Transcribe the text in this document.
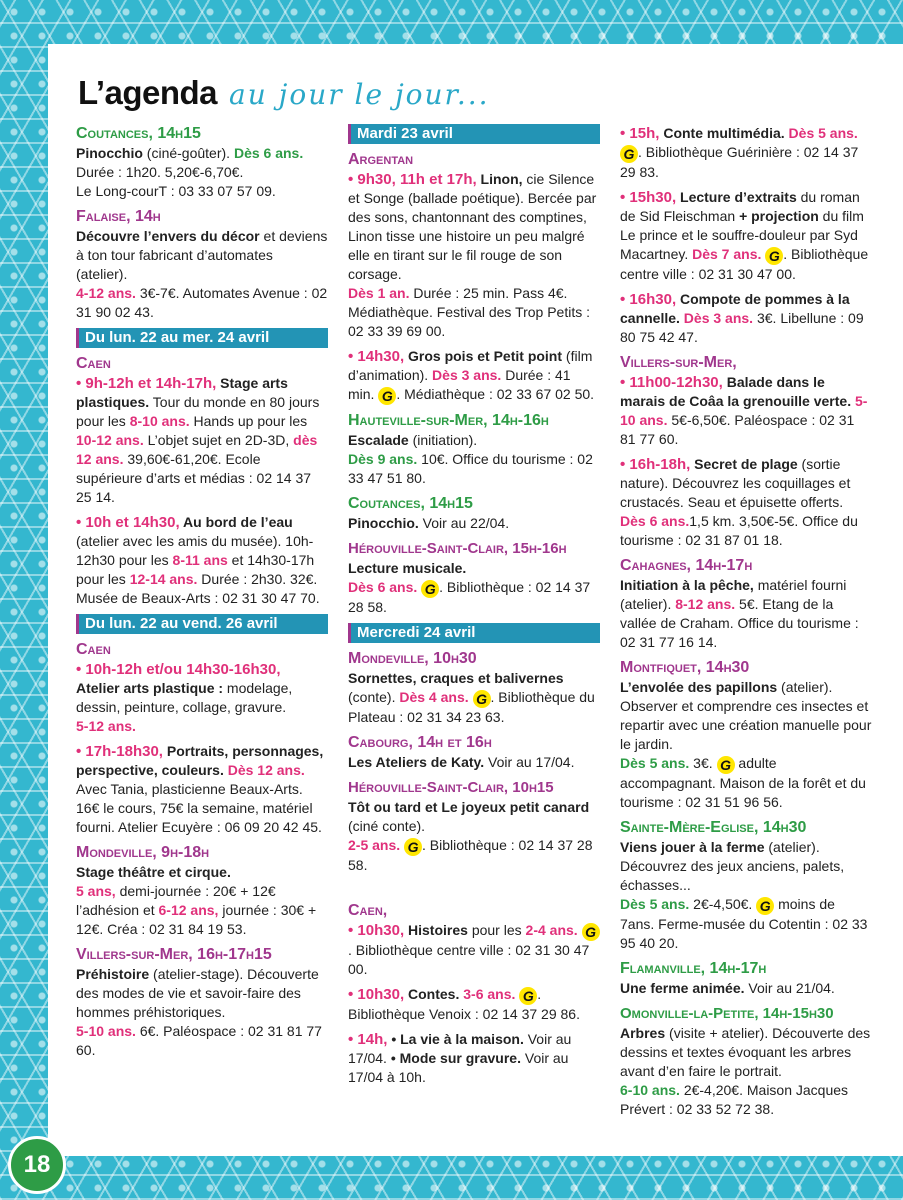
L’agenda au jour le jour...
Coutances, 14h15
Pinocchio (ciné-goûter). Dès 6 ans.
Durée : 1h20. 5,20€-6,70€.
Le Long-courT : 03 33 07 57 09.
Falaise, 14h
Découvre l’envers du décor et deviens à ton tour fabricant d’automates (atelier).
4-12 ans. 3€-7€. Automates Avenue : 02 31 90 02 43.
Du lun. 22 au mer. 24 avril
Caen
• 9h-12h et 14h-17h, Stage arts plastiques. Tour du monde en 80 jours pour les 8-10 ans. Hands up pour les 10-12 ans. L’objet sujet en 2D-3D, dès 12 ans. 39,60€-61,20€. Ecole supérieure d’arts et médias : 02 14 37 25 14.
• 10h et 14h30, Au bord de l’eau (atelier avec les amis du musée). 10h-12h30 pour les 8-11 ans et 14h30-17h pour les 12-14 ans. Durée : 2h30. 32€. Musée de Beaux-Arts : 02 31 30 47 70.
Du lun. 22 au vend. 26 avril
Caen
• 10h-12h et/ou 14h30-16h30,
Atelier arts plastique : modelage, dessin, peinture, collage, gravure.
5-12 ans.
• 17h-18h30, Portraits, personnages, perspective, couleurs. Dès 12 ans.
Avec Tania, plasticienne Beaux-Arts. 16€ le cours, 75€ la semaine, matériel fourni. Atelier Ecuyère : 06 09 20 42 45.
Mondeville, 9h-18h
Stage théâtre et cirque.
5 ans, demi-journée : 20€ + 12€ l’adhésion et 6-12 ans, journée : 30€ + 12€. Créa : 02 31 84 19 53.
Villers-sur-Mer, 16h-17h15
Préhistoire (atelier-stage). Découverte des modes de vie et savoir-faire des hommes préhistoriques.
5-10 ans. 6€. Paléospace : 02 31 81 77 60.
Mardi 23 avril
Argentan
• 9h30, 11h et 17h, Linon, cie Silence et Songe (ballade poétique). Bercée par des sons, chantonnant des comptines, Linon tisse une histoire un peu malgré elle en tirant sur le fil rouge de son corsage.
Dès 1 an. Durée : 25 min. Pass 4€. Médiathèque. Festival des Trop Petits : 02 33 39 69 00.
• 14h30, Gros pois et Petit point (film d’animation). Dès 3 ans. Durée : 41 min. G . Médiathèque : 02 33 67 02 50.
Hauteville-sur-Mer, 14h-16h
Escalade (initiation).
Dès 9 ans. 10€. Office du tourisme : 02 33 47 51 80.
Coutances, 14h15
Pinocchio. Voir au 22/04.
Hérouville-Saint-Clair, 15h-16h
Lecture musicale.
Dès 6 ans. G . Bibliothèque : 02 14 37 28 58.
Mercredi 24 avril
Mondeville, 10h30
Sornettes, craques et balivernes
(conte). Dès 4 ans. G . Bibliothèque du Plateau : 02 31 34 23 63.
Cabourg, 14h et 16h
Les Ateliers de Katy. Voir au 17/04.
Hérouville-Saint-Clair, 10h15
Tôt ou tard et Le joyeux petit canard (ciné conte).
2-5 ans. G . Bibliothèque : 02 14 37 28 58.
Caen,
• 10h30, Histoires pour les 2-4 ans. G. Bibliothèque centre ville : 02 31 30 47 00.
• 10h30, Contes. 3-6 ans. G . Bibliothèque Venoix : 02 14 37 29 86.
• 14h, • La vie à la maison. Voir au 17/04. • Mode sur gravure. Voir au 17/04 à 10h.
• 15h, Conte multimédia. Dès 5 ans. G . Bibliothèque Guérinière : 02 14 37 29 83.
• 15h30, Lecture d’extraits du roman de Sid Fleischman + projection du film Le prince et le souffre-douleur par Syd Macartney. Dès 7 ans. G . Bibliothèque centre ville : 02 31 30 47 00.
• 16h30, Compote de pommes à la cannelle. Dès 3 ans. 3€. Libellune : 09 80 75 42 47.
Villers-sur-Mer,
• 11h00-12h30, Balade dans le marais de Coâa la grenouille verte. 5-10 ans. 5€-6,50€. Paléospace : 02 31 81 77 60.
• 16h-18h, Secret de plage (sortie nature). Découvrez les coquillages et crustacés. Seau et épuisette offerts. Dès 6 ans.1,5 km. 3,50€-5€. Office du tourisme : 02 31 87 01 18.
Cahagnes, 14h-17h
Initiation à la pêche, matériel fourni (atelier). 8-12 ans. 5€. Etang de la vallée de Craham. Office du tourisme : 02 31 77 16 14.
Montfiquet, 14h30
L’envolée des papillons (atelier). Observer et comprendre ces insectes et repartir avec une création manuelle pour le jardin.
Dès 5 ans. 3€. G adulte accompagnant. Maison de la forêt et du tourisme : 02 31 51 96 56.
Sainte-Mère-Eglise, 14h30
Viens jouer à la ferme (atelier). Découvrez des jeux anciens, palets, échasses...
Dès 5 ans. 2€-4,50€. G moins de 7ans. Ferme-musée du Cotentin : 02 33 95 40 20.
Flamanville, 14h-17h
Une ferme animée. Voir au 21/04.
Omonville-la-Petite, 14h-15h30
Arbres (visite + atelier). Découverte des dessins et textes évoquant les arbres avant d’en faire le portrait.
6-10 ans. 2€-4,20€. Maison Jacques Prévert : 02 33 52 72 38.
18
